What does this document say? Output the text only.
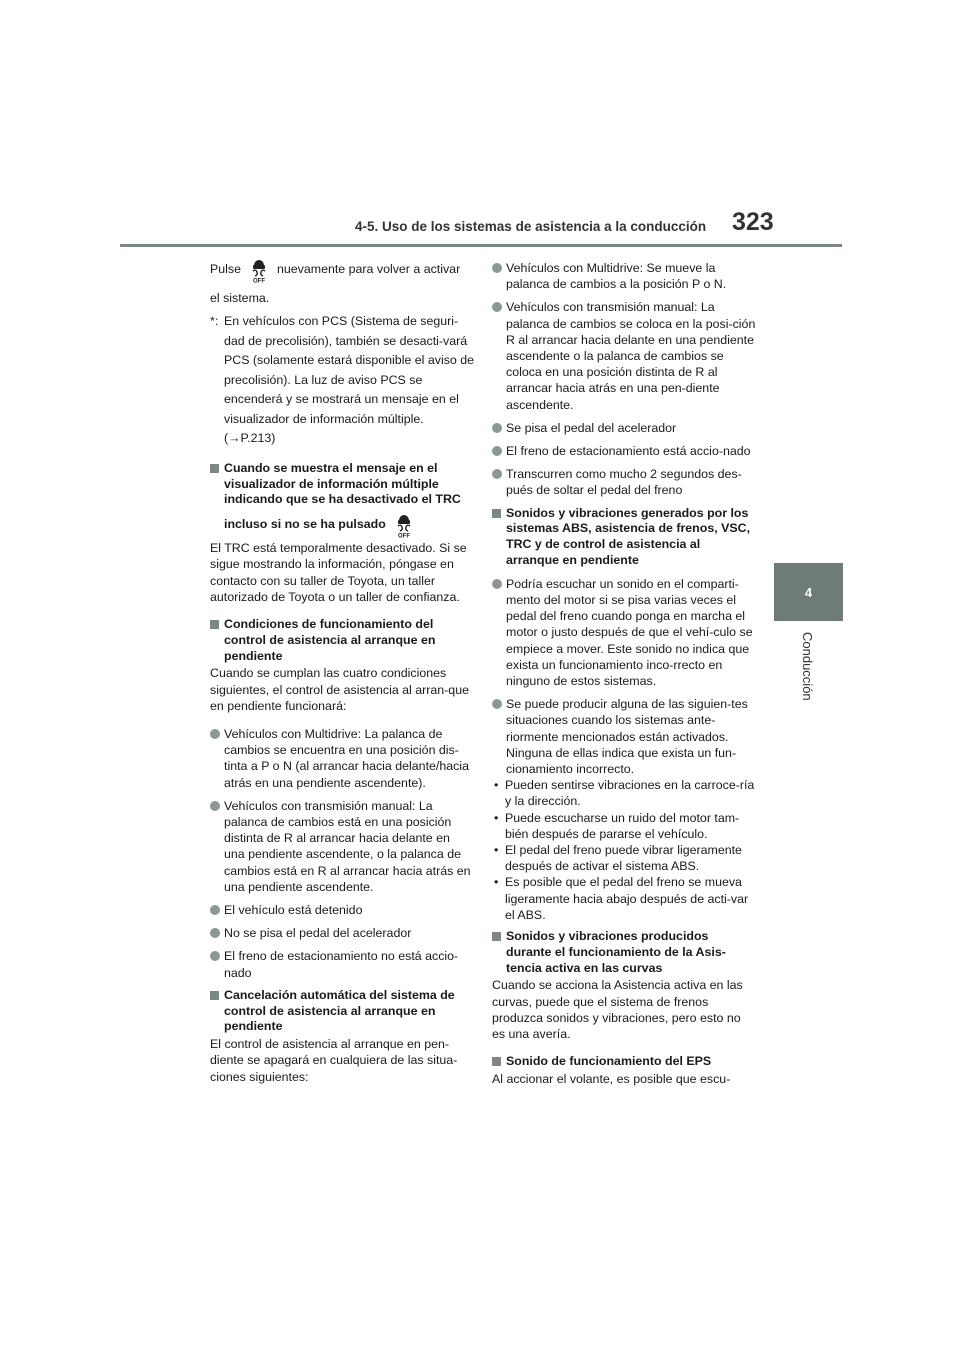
4-5. Uso de los sistemas de asistencia a la conducción 323
4
Conducción
Pulse
OFF
nuevamente para volver a activar
el sistema.
*: En vehículos con PCS (Sistema de seguri-dad de precolisión), también se desacti-vará PCS (solamente estará disponible el aviso de precolisión). La luz de aviso PCS se encenderá y se mostrará un mensaje en el visualizador de información múltiple. (→P.213)
Cuando se muestra el mensaje en el visualizador de información múltiple indicando que se ha desactivado el TRC
incluso si no se ha pulsado
OFF
El TRC está temporalmente desactivado. Si se sigue mostrando la información, póngase en contacto con su taller de Toyota, un taller autorizado de Toyota o un taller de confianza.
Condiciones de funcionamiento del control de asistencia al arranque en pendiente
Cuando se cumplan las cuatro condiciones siguientes, el control de asistencia al arran-que en pendiente funcionará:
Vehículos con Multidrive: La palanca de cambios se encuentra en una posición dis-tinta a P o N (al arrancar hacia delante/hacia atrás en una pendiente ascendente).
Vehículos con transmisión manual: La palanca de cambios está en una posición distinta de R al arrancar hacia delante en una pendiente ascendente, o la palanca de cambios está en R al arrancar hacia atrás en una pendiente ascendente.
El vehículo está detenido
No se pisa el pedal del acelerador
El freno de estacionamiento no está accio-nado
Cancelación automática del sistema de control de asistencia al arranque en pendiente
El control de asistencia al arranque en pen-diente se apagará en cualquiera de las situa-ciones siguientes:
Vehículos con Multidrive: Se mueve la palanca de cambios a la posición P o N.
Vehículos con transmisión manual: La palanca de cambios se coloca en la posi-ción R al arrancar hacia delante en una pendiente ascendente o la palanca de cambios se coloca en una posición distinta de R al arrancar hacia atrás en una pen-diente ascendente.
Se pisa el pedal del acelerador
El freno de estacionamiento está accio-nado
Transcurren como mucho 2 segundos des-pués de soltar el pedal del freno
Sonidos y vibraciones generados por los sistemas ABS, asistencia de frenos, VSC, TRC y de control de asistencia al arranque en pendiente
Podría escuchar un sonido en el comparti-mento del motor si se pisa varias veces el pedal del freno cuando ponga en marcha el motor o justo después de que el vehí-culo se empiece a mover. Este sonido no indica que exista un funcionamiento inco-rrecto en ninguno de estos sistemas.
Se puede producir alguna de las siguien-tes situaciones cuando los sistemas ante-riormente mencionados están activados. Ninguna de ellas indica que exista un fun-cionamiento incorrecto.
• Pueden sentirse vibraciones en la carroce-ría y la dirección.
• Puede escucharse un ruido del motor tam-bién después de pararse el vehículo.
• El pedal del freno puede vibrar ligeramente después de activar el sistema ABS.
• Es posible que el pedal del freno se mueva ligeramente hacia abajo después de acti-var el ABS.
Sonidos y vibraciones producidos durante el funcionamiento de la Asis-tencia activa en las curvas
Cuando se acciona la Asistencia activa en las curvas, puede que el sistema de frenos produzca sonidos y vibraciones, pero esto no es una avería.
Sonido de funcionamiento del EPS
Al accionar el volante, es posible que escu-
